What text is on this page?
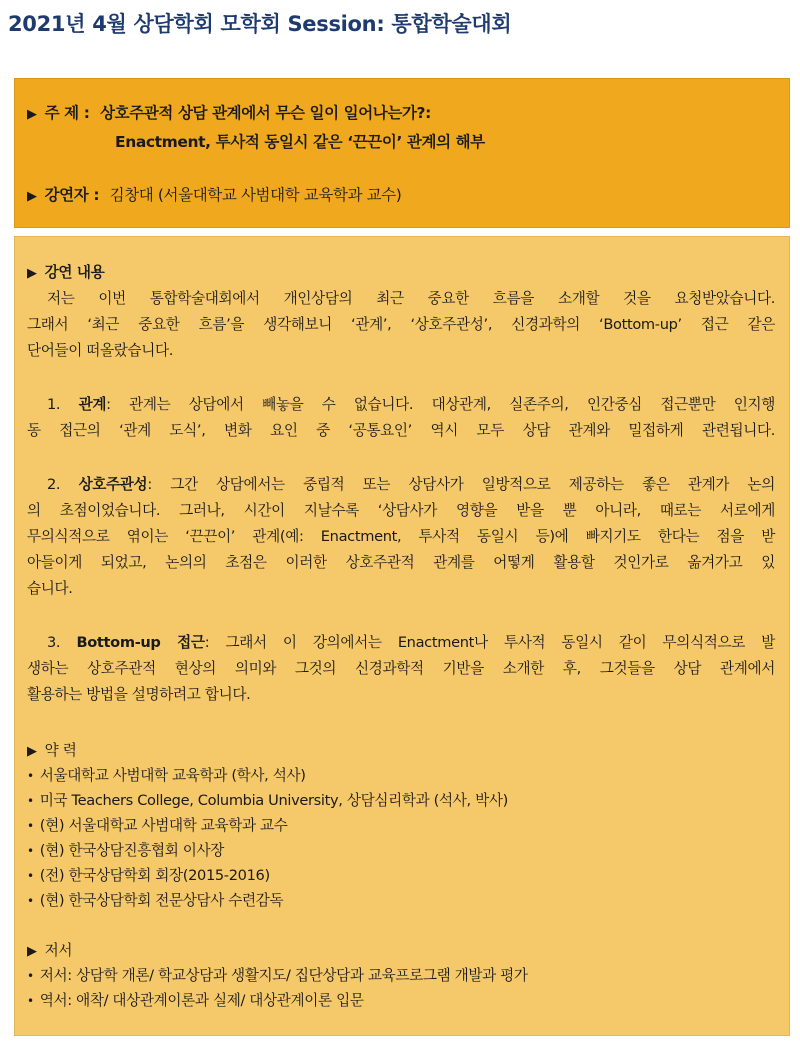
2021년 4월 상담학회 모학회 Session: 통합학술대회
▶ 주 제 : 상호주관적 상담 관계에서 무슨 일이 일어나는가?:
Enactment, 투사적 동일시 같은 ‘끈끈이’ 관계의 해부
▶ 강연자 : 김창대 (서울대학교 사범대학 교육학과 교수)
▶ 강연 내용
저는 이번 통합학술대회에서 개인상담의 최근 중요한 흐름을 소개할 것을 요청받았습니다.
그래서 ‘최근 중요한 흐름’을 생각해보니 ‘관계’, ‘상호주관성’, 신경과학의 ‘Bottom-up’ 접근 같은
단어들이 떠올랐습니다.
1. 관계: 관계는 상담에서 빼놓을 수 없습니다. 대상관계, 실존주의, 인간중심 접근뿐만 인지행
동 접근의 ‘관계 도식’, 변화 요인 중 ‘공통요인’ 역시 모두 상담 관계와 밀접하게 관련됩니다.
2. 상호주관성: 그간 상담에서는 중립적 또는 상담사가 일방적으로 제공하는 좋은 관계가 논의
의 초점이었습니다. 그러나, 시간이 지날수록 ‘상담사가 영향을 받을 뿐 아니라, 때로는 서로에게
무의식적으로 엮이는 ‘끈끈이’ 관계(예: Enactment, 투사적 동일시 등)에 빠지기도 한다는 점을 받
아들이게 되었고, 논의의 초점은 이러한 상호주관적 관계를 어떻게 활용할 것인가로 옮겨가고 있
습니다.
3. Bottom-up 접근: 그래서 이 강의에서는 Enactment나 투사적 동일시 같이 무의식적으로 발
생하는 상호주관적 현상의 의미와 그것의 신경과학적 기반을 소개한 후, 그것들을 상담 관계에서
활용하는 방법을 설명하려고 합니다.
▶ 약 력
• 서울대학교 사범대학 교육학과 (학사, 석사)
• 미국 Teachers College, Columbia University, 상담심리학과 (석사, 박사)
• (현) 서울대학교 사범대학 교육학과 교수
• (현) 한국상담진흥협회 이사장
• (전) 한국상담학회 회장(2015-2016)
• (현) 한국상담학회 전문상담사 수련감독
▶ 저서
• 저서: 상담학 개론/ 학교상담과 생활지도/ 집단상담과 교육프로그램 개발과 평가
• 역서: 애착/ 대상관계이론과 실제/ 대상관계이론 입문
